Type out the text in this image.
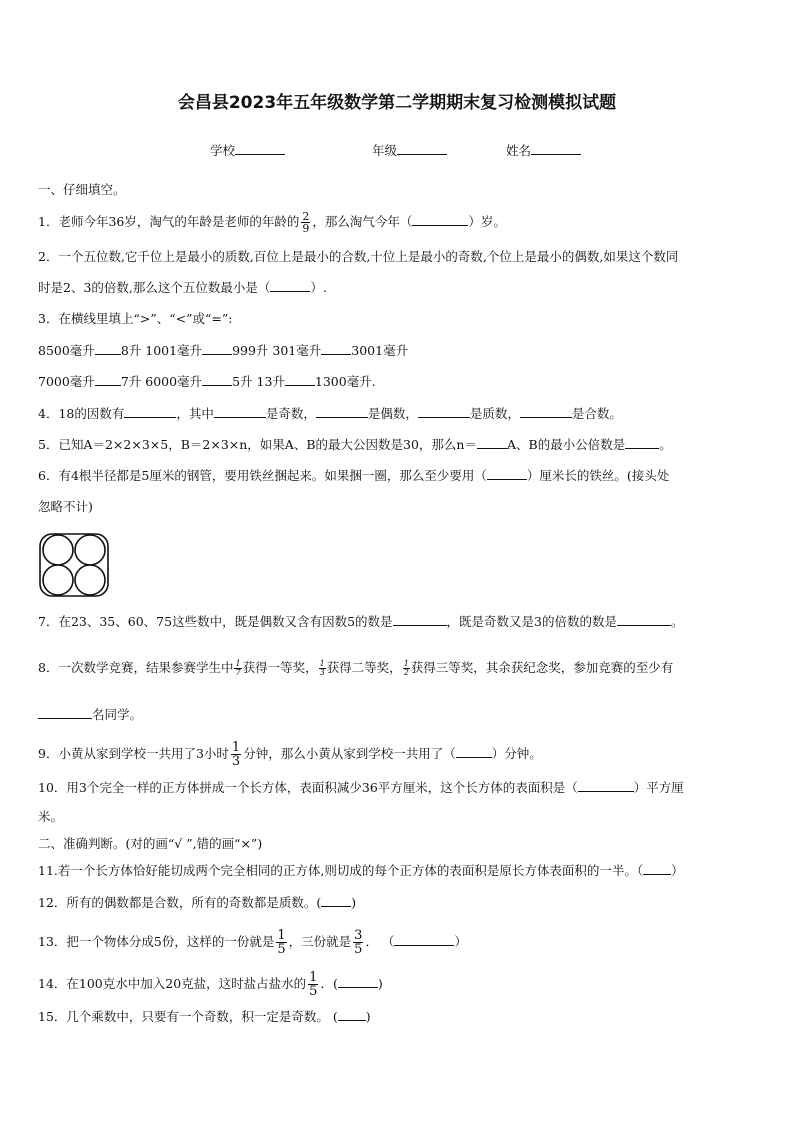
会昌县2023年五年级数学第二学期期末复习检测模拟试题
学校	年级	姓名
一、仔细填空。
1．老师今年36岁，淘气的年龄是老师的年龄的 $\frac{2}{9}$ ，那么淘气今年（	）岁。
2．一个五位数,它千位上是最小的质数,百位上是最小的合数,十位上是最小的奇数,个位上是最小的偶数,如果这个数同
时是2、3的倍数,那么这个五位数最小是（	）.
3．在横线里填上“>”、“<”或“=”:
8500毫升 8升 1001毫升 999升 301毫升 3001毫升
7000毫升 7升 6000毫升 5升 13升 1300毫升.
4．18的因数有	，其中	是奇数，	是偶数，	是质数，	是合数。
5．已知A＝2×2×3×5，B＝2×3×n，如果A、B的最大公因数是30，那么n＝ A、B的最小公倍数是	。
6．有4根半径都是5厘米的钢管，要用铁丝捆起来。如果捆一圈，那么至少要用（	）厘米长的铁丝。(接头处
忽略不计)
7．在23、35、60、75这些数中，既是偶数又含有因数5的数是	，既是奇数又是3的倍数的数是	。
8．一次数学竞赛，结果参赛学生中 $\frac{1}{7}$ 获得一等奖， $\frac{1}{3}$ 获得二等奖， $\frac{1}{2}$ 获得三等奖，其余获纪念奖，参加竞赛的至少有
名同学。
9．小黄从家到学校一共用了3小时 $\frac{1}{3}$ 分钟，那么小黄从家到学校一共用了（	）分钟。
10．用3个完全一样的正方体拼成一个长方体，表面积减少36平方厘米，这个长方体的表面积是（	）平方厘
米。
二、准确判断。(对的画“√ ”,错的画“×”)
11.若一个长方体恰好能切成两个完全相同的正方体,则切成的每个正方体的表面积是原长方体表面积的一半。（ ）
12．所有的偶数都是合数，所有的奇数都是质数。( )
13．把一个物体分成5份，这样的一份就是 $\frac{1}{5}$ ，三份就是 $\frac{3}{5}$ ． （	）
14．在100克水中加入20克盐，这时盐占盐水的 $\frac{1}{5}$ ．(	)
15．几个乘数中，只要有一个奇数，积一定是奇数。 ( )
